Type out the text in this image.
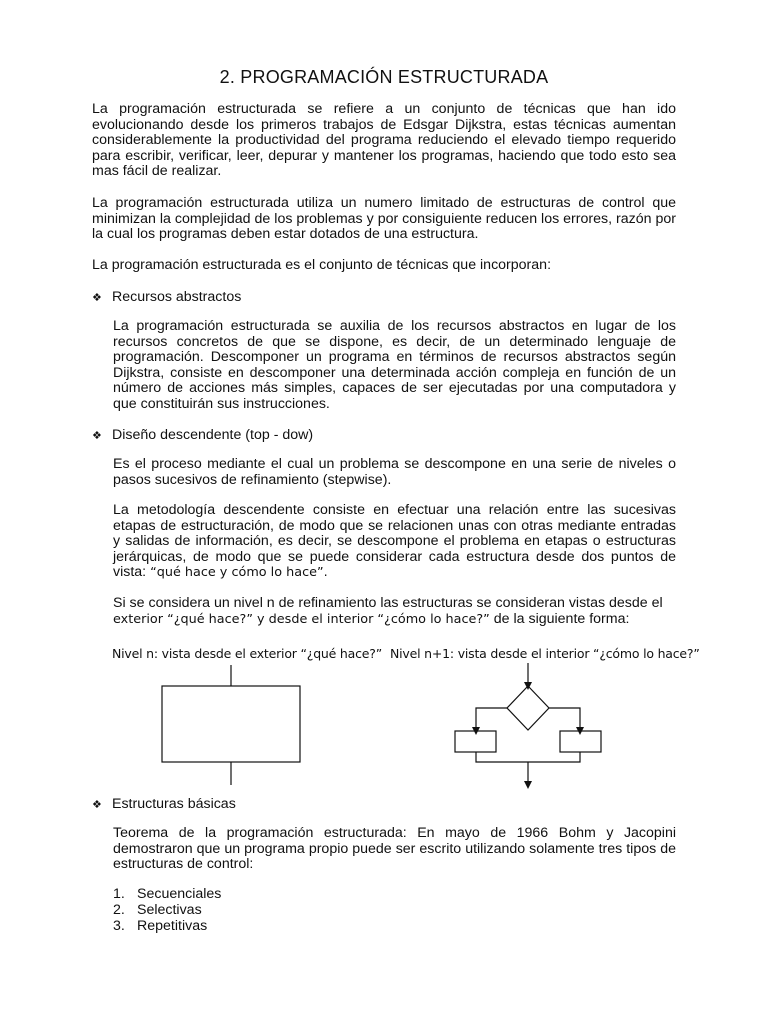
2. PROGRAMACIÓN ESTRUCTURADA

La programación estructurada se refiere a un conjunto de técnicas que han ido evolucionando desde los primeros trabajos de Edsgar Dijkstra, estas técnicas aumentan considerablemente la productividad del programa reduciendo el elevado tiempo requerido para escribir, verificar, leer, depurar y mantener los programas, haciendo que todo esto sea mas fácil de realizar.

La programación estructurada utiliza un numero limitado de estructuras de control que minimizan la complejidad de los problemas y por consiguiente reducen los errores, razón por la cual los programas deben estar dotados de una estructura.

La programación estructurada es el conjunto de técnicas que incorporan:

❖ Recursos abstractos

La programación estructurada se auxilia de los recursos abstractos en lugar de los recursos concretos de que se dispone, es decir, de un determinado lenguaje de programación. Descomponer un programa en términos de recursos abstractos según Dijkstra, consiste en descomponer una determinada acción compleja en función de un número de acciones más simples, capaces de ser ejecutadas por una computadora y que constituirán sus instrucciones.

❖ Diseño descendente (top - dow)

Es el proceso mediante el cual un problema se descompone en una serie de niveles o pasos sucesivos de refinamiento (stepwise).

La metodología descendente consiste en efectuar una relación entre las sucesivas etapas de estructuración, de modo que se relacionen unas con otras mediante entradas y salidas de información, es decir, se descompone el problema en etapas o estructuras jerárquicas, de modo que se puede considerar cada estructura desde dos puntos de vista: “qué hace y cómo lo hace”.

Si se considera un nivel n de refinamiento las estructuras se consideran vistas desde el
exterior “¿qué hace?” y desde el interior “¿cómo lo hace?” de la siguiente forma:

Nivel n: vista desde el exterior “¿qué hace?” Nivel n+1: vista desde el interior “¿cómo lo hace?”
❖ Estructuras básicas

Teorema de la programación estructurada: En mayo de 1966 Bohm y Jacopini demostraron que un programa propio puede ser escrito utilizando solamente tres tipos de estructuras de control:

1. Secuenciales
2. Selectivas
3. Repetitivas
